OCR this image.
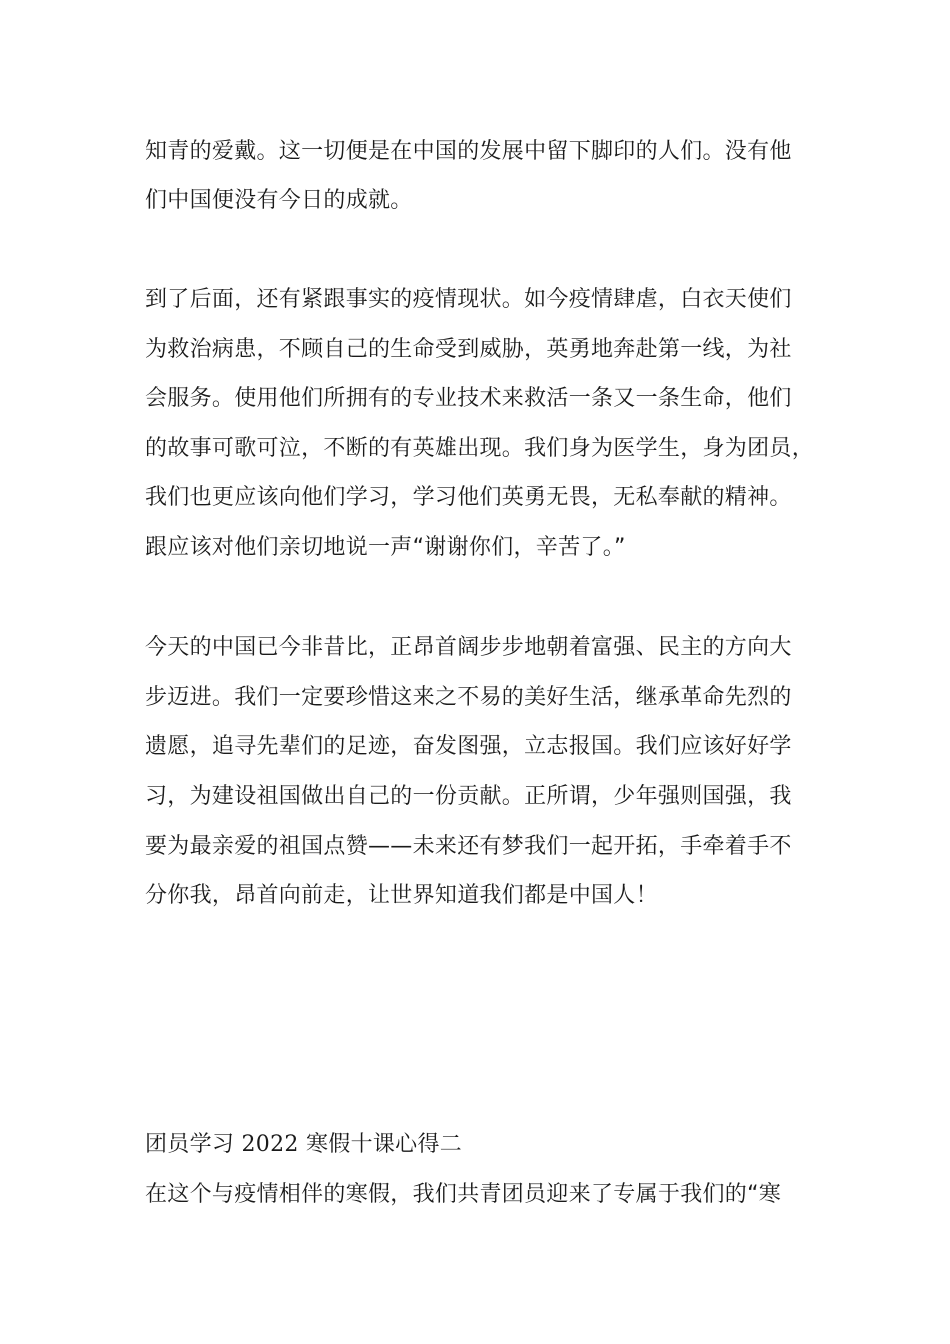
知青的爱戴。这一切便是在中国的发展中留下脚印的人们。没有他
们中国便没有今日的成就。
到了后面，还有紧跟事实的疫情现状。如今疫情肆虐，白衣天使们
为救治病患，不顾自己的生命受到威胁，英勇地奔赴第一线，为社
会服务。使用他们所拥有的专业技术来救活一条又一条生命，他们
的故事可歌可泣，不断的有英雄出现。我们身为医学生，身为团员，
我们也更应该向他们学习，学习他们英勇无畏，无私奉献的精神。
跟应该对他们亲切地说一声“谢谢你们，辛苦了。”
今天的中国已今非昔比，正昂首阔步步地朝着富强、民主的方向大
步迈进。我们一定要珍惜这来之不易的美好生活，继承革命先烈的
遗愿，追寻先辈们的足迹，奋发图强，立志报国。我们应该好好学
习，为建设祖国做出自己的一份贡献。正所谓，少年强则国强，我
要为最亲爱的祖国点赞——未来还有梦我们一起开拓，手牵着手不
分你我，昂首向前走，让世界知道我们都是中国人！
团员学习 2022 寒假十课心得二
在这个与疫情相伴的寒假，我们共青团员迎来了专属于我们的“寒
